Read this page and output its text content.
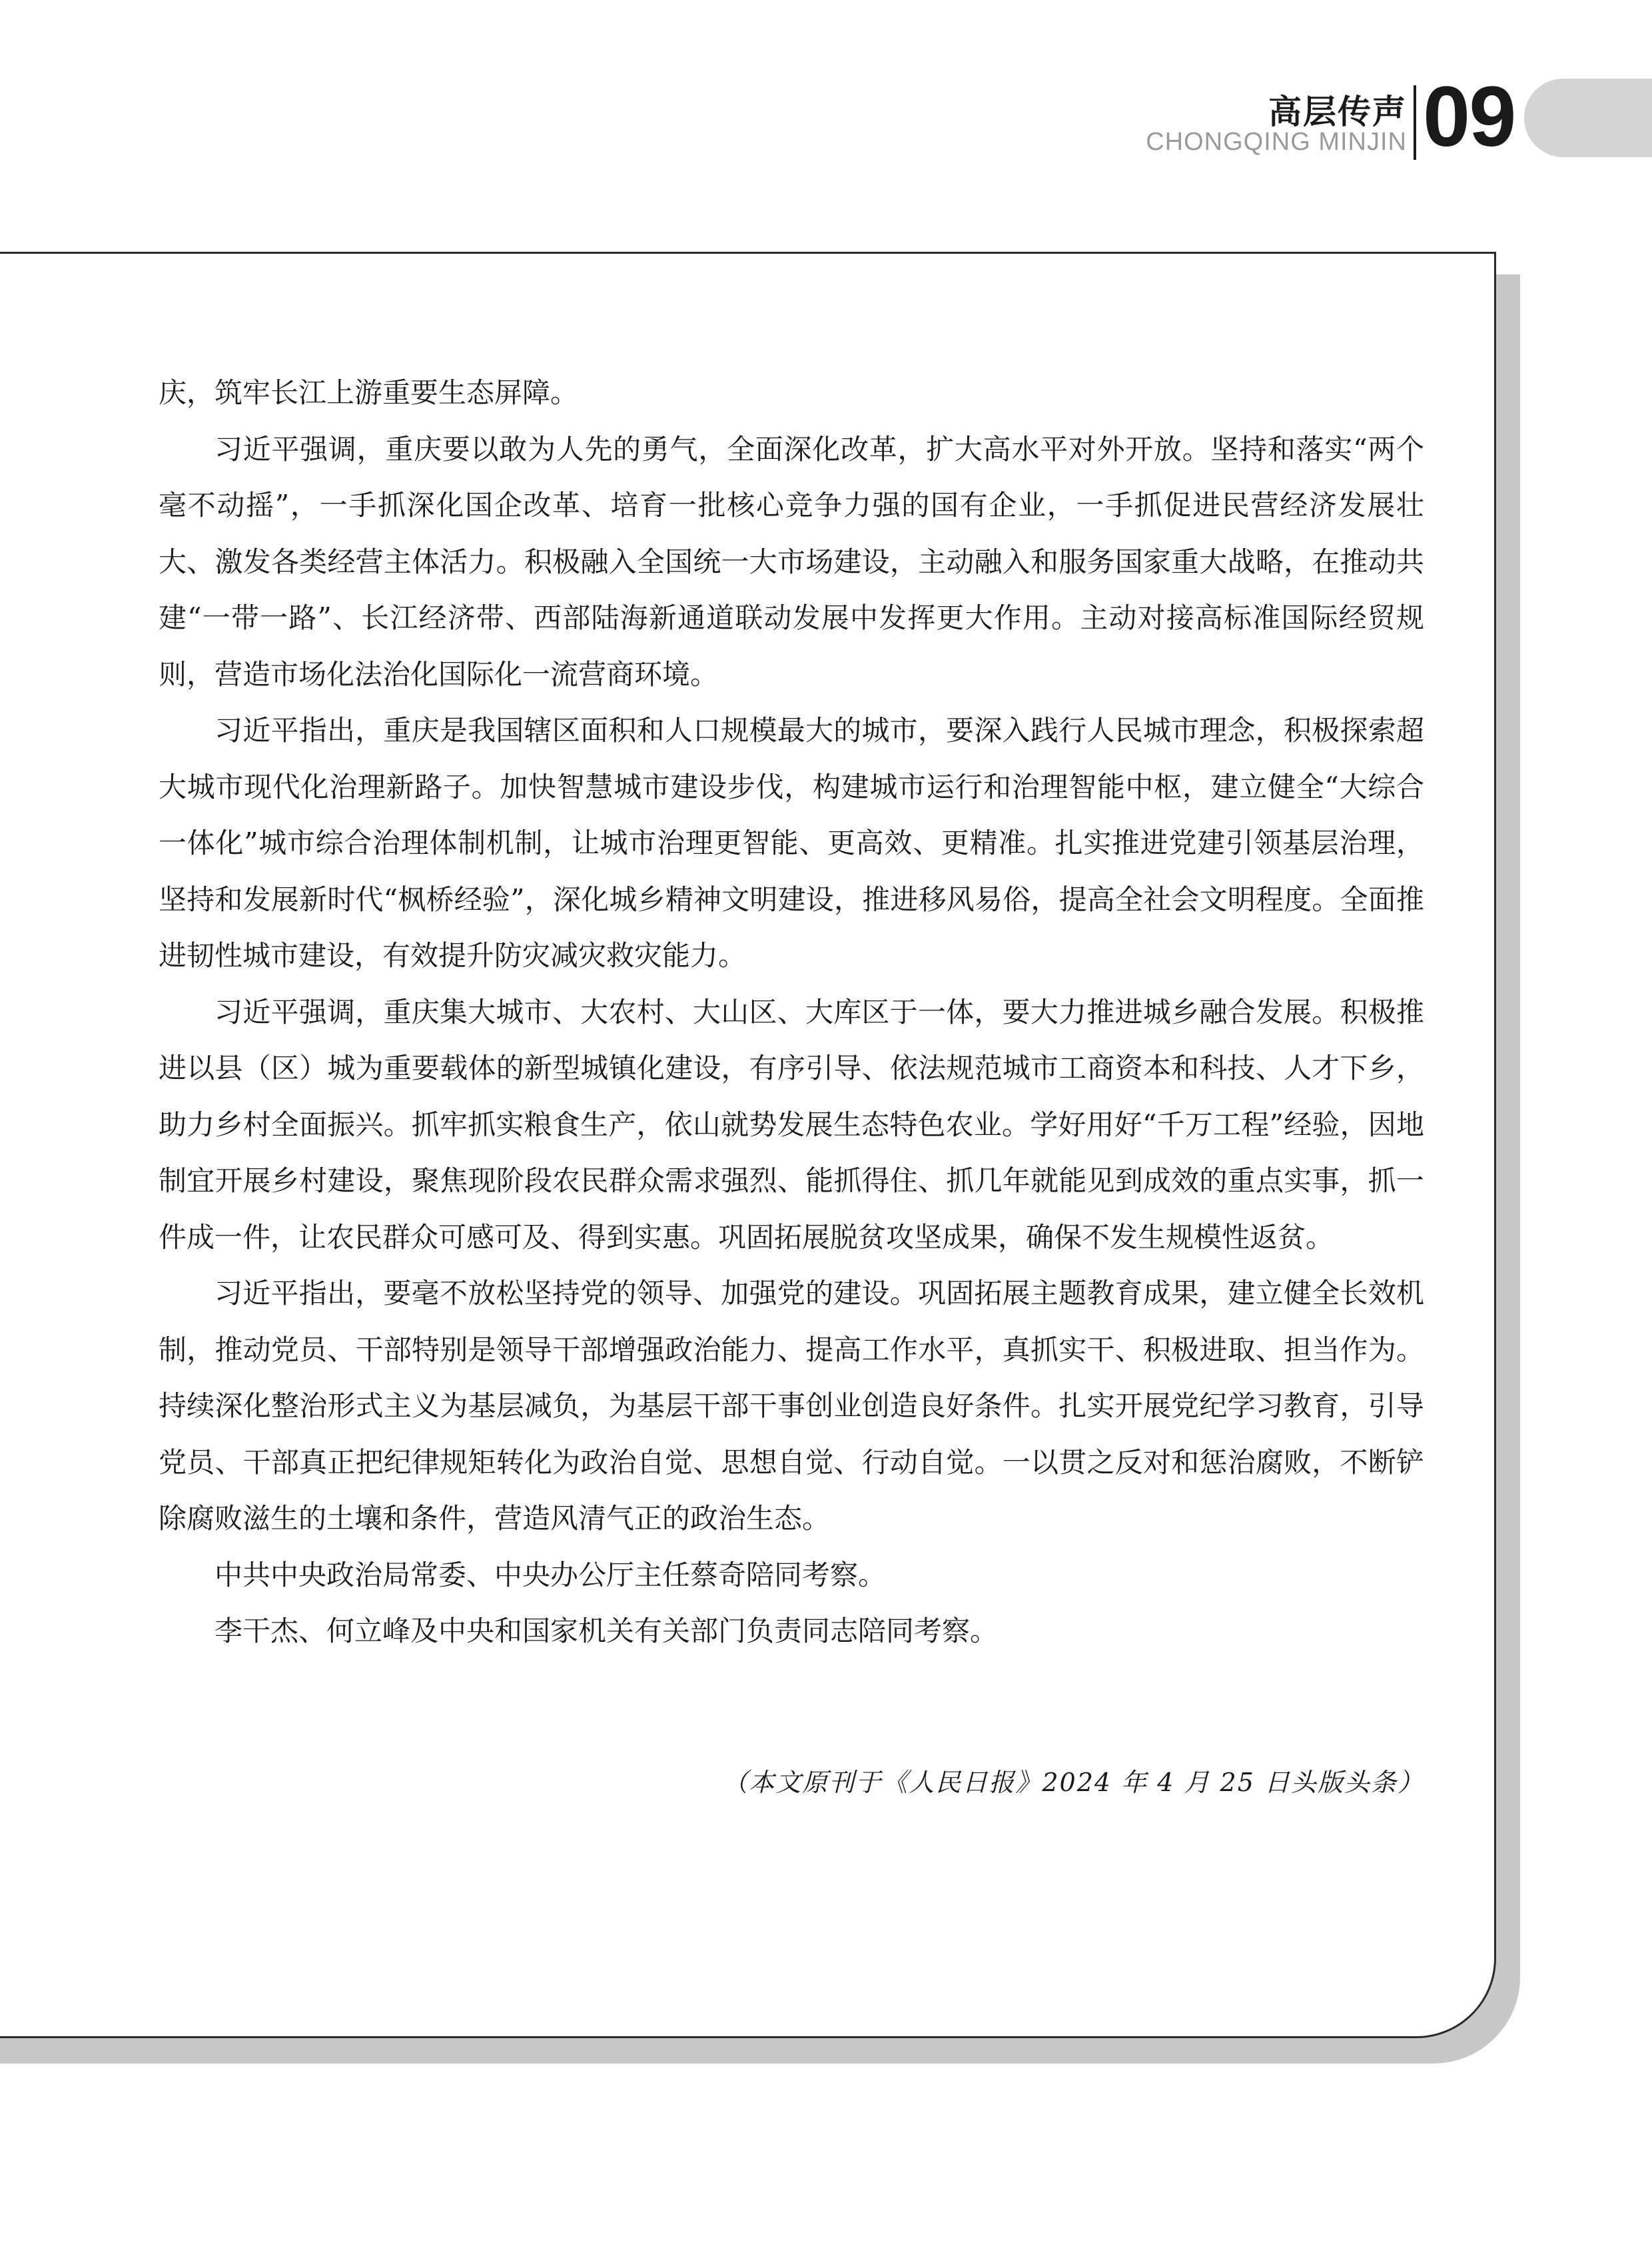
高层传声
CHONGQING MINJIN 09

庆，筑牢长江上游重要生态屏障。

习近平强调，重庆要以敢为人先的勇气，全面深化改革，扩大高水平对外开放。坚持和落实“两个毫不动摇”，一手抓深化国企改革、培育一批核心竞争力强的国有企业，一手抓促进民营经济发展壮大、激发各类经营主体活力。积极融入全国统一大市场建设，主动融入和服务国家重大战略，在推动共建“一带一路”、长江经济带、西部陆海新通道联动发展中发挥更大作用。主动对接高标准国际经贸规则，营造市场化法治化国际化一流营商环境。

习近平指出，重庆是我国辖区面积和人口规模最大的城市，要深入践行人民城市理念，积极探索超大城市现代化治理新路子。加快智慧城市建设步伐，构建城市运行和治理智能中枢，建立健全“大综合一体化”城市综合治理体制机制，让城市治理更智能、更高效、更精准。扎实推进党建引领基层治理，坚持和发展新时代“枫桥经验”，深化城乡精神文明建设，推进移风易俗，提高全社会文明程度。全面推进韧性城市建设，有效提升防灾减灾救灾能力。

习近平强调，重庆集大城市、大农村、大山区、大库区于一体，要大力推进城乡融合发展。积极推进以县（区）城为重要载体的新型城镇化建设，有序引导、依法规范城市工商资本和科技、人才下乡，助力乡村全面振兴。抓牢抓实粮食生产，依山就势发展生态特色农业。学好用好“千万工程”经验，因地制宜开展乡村建设，聚焦现阶段农民群众需求强烈、能抓得住、抓几年就能见到成效的重点实事，抓一件成一件，让农民群众可感可及、得到实惠。巩固拓展脱贫攻坚成果，确保不发生规模性返贫。

习近平指出，要毫不放松坚持党的领导、加强党的建设。巩固拓展主题教育成果，建立健全长效机制，推动党员、干部特别是领导干部增强政治能力、提高工作水平，真抓实干、积极进取、担当作为。持续深化整治形式主义为基层减负，为基层干部干事创业创造良好条件。扎实开展党纪学习教育，引导党员、干部真正把纪律规矩转化为政治自觉、思想自觉、行动自觉。一以贯之反对和惩治腐败，不断铲除腐败滋生的土壤和条件，营造风清气正的政治生态。

中共中央政治局常委、中央办公厅主任蔡奇陪同考察。

李干杰、何立峰及中央和国家机关有关部门负责同志陪同考察。

（本文原刊于《人民日报》2024 年 4 月 25 日头版头条）
